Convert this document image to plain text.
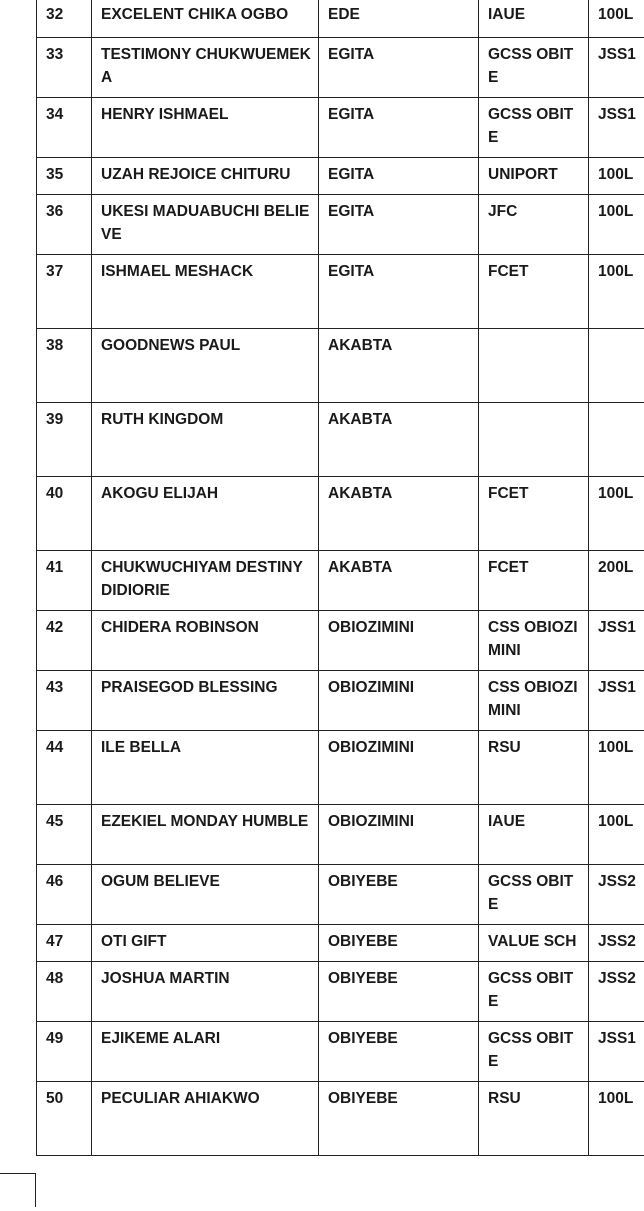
32	EXCELENT CHIKA OGBO	EDE	IAUE	100L
33	TESTIMONY CHUKWUEMEKA	EGITA	GCSS OBITE	JSS1
34	HENRY ISHMAEL	EGITA	GCSS OBITE	JSS1
35	UZAH REJOICE CHITURU	EGITA	UNIPORT	100L
36	UKESI MADUABUCHI BELIEVE	EGITA	JFC	100L
37	ISHMAEL MESHACK	EGITA	FCET	100L
38	GOODNEWS PAUL	AKABTA		
39	RUTH KINGDOM	AKABTA		
40	AKOGU ELIJAH	AKABTA	FCET	100L
41	CHUKWUCHIYAM DESTINY DIDIORIE	AKABTA	FCET	200L
42	CHIDERA ROBINSON	OBIOZIMINI	CSS OBIOZIMINI	JSS1
43	PRAISEGOD BLESSING	OBIOZIMINI	CSS OBIOZIMINI	JSS1
44	ILE BELLA	OBIOZIMINI	RSU	100L
45	EZEKIEL MONDAY HUMBLE	OBIOZIMINI	IAUE	100L
46	OGUM BELIEVE	OBIYEBE	GCSS OBITE	JSS2
47	OTI GIFT	OBIYEBE	VALUE SCH	JSS2
48	JOSHUA MARTIN	OBIYEBE	GCSS OBITE	JSS2
49	EJIKEME ALARI	OBIYEBE	GCSS OBITE	JSS1
50	PECULIAR AHIAKWO	OBIYEBE	RSU	100L
